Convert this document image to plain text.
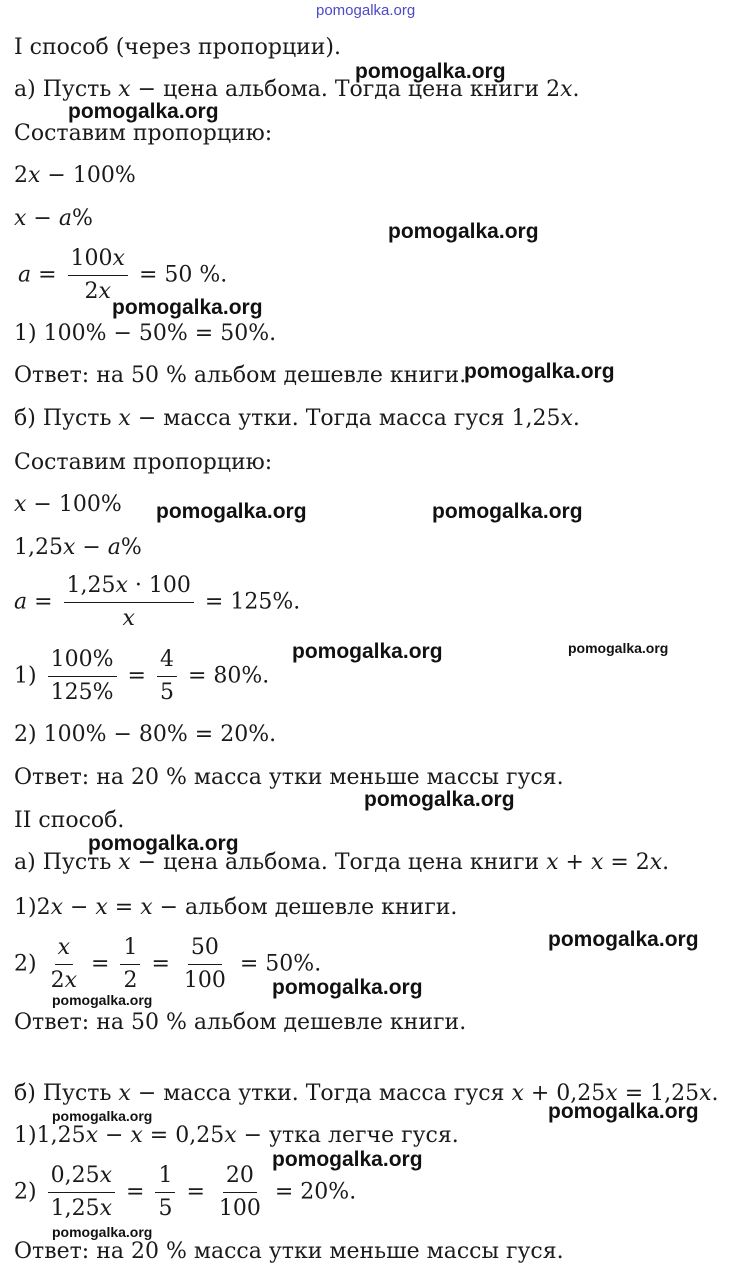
I способ (через пропорции).
а) Пусть 𝑥 − цена альбома. Тогда цена книги 2𝑥.
Составим пропорцию:
2𝑥 − 100%
𝑥 − 𝑎%
𝑎 = $\frac{\text{100𝑥}}{\text{2𝑥}} = 50$ %.
1) 100% − 50% = 50%.
Ответ: на 50 % альбом дешевле книги.
б) Пусть 𝑥 − масса утки. Тогда масса гуся 1,25𝑥.
Составим пропорцию:
𝑥 − 100%
1,25𝑥 − 𝑎%
𝑎 = $\frac{\text{1,25𝑥 · 100}}{\text{𝑥}} = 125\%$.
$1) \frac{100\%}{125\%} = \frac{4}{5} = 80\%$.
2) 100% − 80% = 20%.
Ответ: на 20 % масса утки меньше массы гуся.
II способ.
а) Пусть 𝑥 − цена альбома. Тогда цена книги 𝑥 + 𝑥 = 2𝑥.
1)2𝑥 − 𝑥 = 𝑥 − альбом дешевле книги.
$2) \frac{\text{𝑥}}{\text{2𝑥}} = \frac{1}{2} = \frac{50}{100} = 50\%$.
Ответ: на 50 % альбом дешевле книги.
б) Пусть 𝑥 − масса утки. Тогда масса гуся 𝑥 + 0,25𝑥 = 1,25𝑥.
1)1,25𝑥 − 𝑥 = 0,25𝑥 − утка легче гуся.
$2) \frac{\text{0,25𝑥}}{\text{1,25𝑥}} = \frac{1}{5} = \frac{20}{100} = 20\%$.
Ответ: на 20 % масса утки меньше массы гуся.
pomogalka.org
pomogalka.org
pomogalka.org
pomogalka.org
pomogalka.org
pomogalka.org
pomogalka.org	pomogalka.org
pomogalka.org	pomogalka.org
pomogalka.org
pomogalka.org
pomogalka.org
pomogalka.org
pomogalka.org
pomogalka.org
pomogalka.org
pomogalka.org
pomogalka.org
